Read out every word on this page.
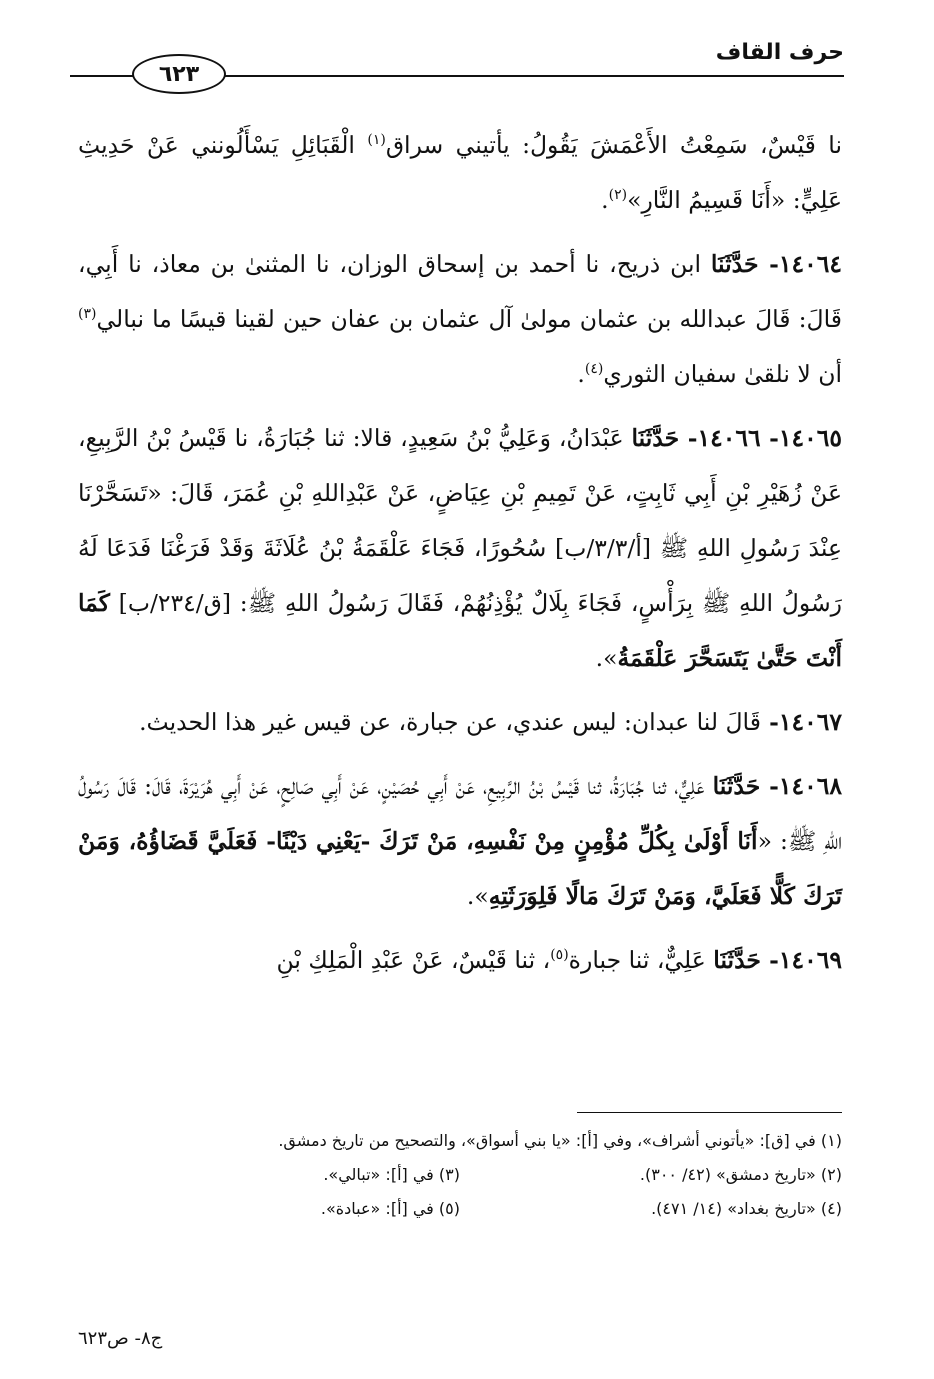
حرف القاف
٦٢٣

نا قَيْسٌ، سَمِعْتُ الأَعْمَشَ يَقُولُ: يأتيني سراق$^{(١)}$ الْقَبَائِلِ يَسْأَلُونني عَنْ حَدِيثِ عَلِيٍّ: «أَنَا قَسِيمُ النَّارِ»$^{(٢)}$.

١٤٠٦٤- حَدَّثَنَا ابن ذريح، نا أحمد بن إسحاق الوزان، نا المثنىٰ بن معاذ، نا أَبِي، قَالَ: قَالَ عبدالله بن عثمان مولىٰ آل عثمان بن عفان حين لقينا قيسًا ما نبالي$^{(٣)}$ أن لا نلقىٰ سفيان الثوري$^{(٤)}$.

١٤٠٦٥- ١٤٠٦٦- حَدَّثَنَا عَبْدَانُ، وَعَلِيُّ بْنُ سَعِيدٍ، قالا: ثنا جُبَارَةُ، نا قَيْسُ بْنُ الرَّبِيعِ، عَنْ زُهَيْرِ بْنِ أَبِي ثَابِتٍ، عَنْ تَمِيمِ بْنِ عِيَاضٍ، عَنْ عَبْدِاللهِ بْنِ عُمَرَ، قَالَ: «تَسَحَّرْنَا عِنْدَ رَسُولِ اللهِ ﷺ [أ/٣/٣/ب] سُحُورًا، فَجَاءَ عَلْقَمَةُ بْنُ عُلَاثَةَ وَقَدْ فَرَغْنَا فَدَعَا لَهُ رَسُولُ اللهِ ﷺ بِرَأْسٍ، فَجَاءَ بِلَالٌ يُؤْذِنُهُمْ، فَقَالَ رَسُولُ اللهِ ﷺ: [ق/٢٣٤/ب] كَمَا أَنْتَ حَتَّىٰ يَتَسَحَّرَ عَلْقَمَةُ».

١٤٠٦٧- قَالَ لنا عبدان: ليس عندي، عن جبارة، عن قيس غير هذا الحديث.

١٤٠٦٨- حَدَّثَنَا عَلِيٌّ، ثنا جُبَارَةُ، ثنا قَيْسُ بْنُ الرَّبِيعِ، عَنْ أَبِي حُصَيْنٍ، عَنْ أَبِي صَالِحٍ، عَنْ أَبِي هُرَيْرَةَ، قَالَ: قَالَ رَسُولُ اللهِ ﷺ: «أَنَا أَوْلَىٰ بِكُلِّ مُؤْمِنٍ مِنْ نَفْسِهِ، مَنْ تَرَكَ -يَعْنِي دَيْنًا- فَعَلَيَّ قَضَاؤُهُ، وَمَنْ تَرَكَ كَلًّا فَعَلَيَّ، وَمَنْ تَرَكَ مَالًا فَلِوَرَثَتِهِ».

١٤٠٦٩- حَدَّثَنَا عَلِيٌّ، ثنا جبارة$^{(٥)}$، ثنا قَيْسٌ، عَنْ عَبْدِ الْمَلِكِ بْنِ

(١) في [ق]: «يأتوني أشراف»، وفي [أ]: «يا بني أسواق»، والتصحيح من تاريخ دمشق.
(٢) «تاريخ دمشق» (٤٢/ ٣٠٠).
(٣) في [أ]: «تبالي».
(٤) «تاريخ بغداد» (١٤/ ٤٧١).
(٥) في [أ]: «عبادة».
ج٨- ص٦٢٣
